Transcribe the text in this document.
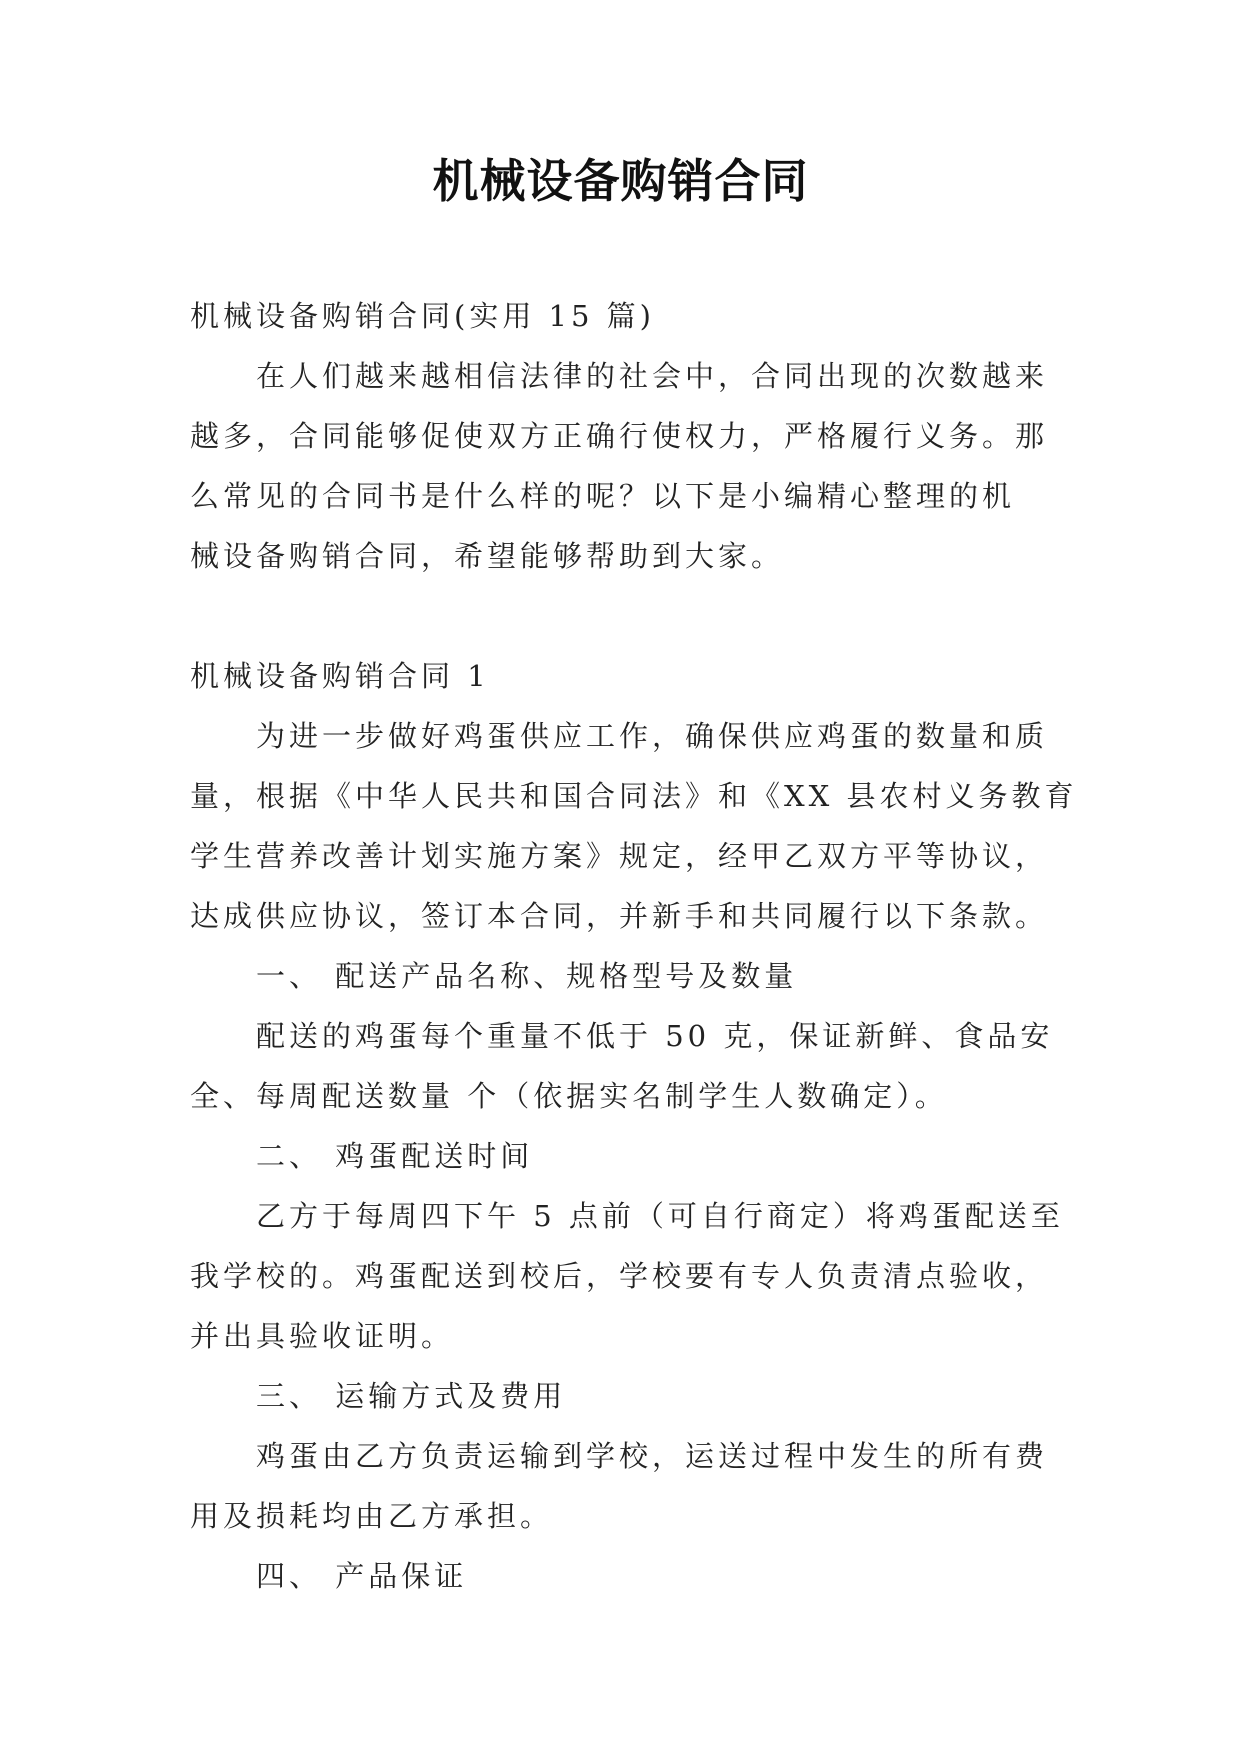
机械设备购销合同
机械设备购销合同(实用 15 篇)
在人们越来越相信法律的社会中，合同出现的次数越来
越多，合同能够促使双方正确行使权力，严格履行义务。那
么常见的合同书是什么样的呢？以下是小编精心整理的机
械设备购销合同，希望能够帮助到大家。
机械设备购销合同 1
为进一步做好鸡蛋供应工作，确保供应鸡蛋的数量和质
量，根据《中华人民共和国合同法》和《XX 县农村义务教育
学生营养改善计划实施方案》规定，经甲乙双方平等协议，
达成供应协议，签订本合同，并新手和共同履行以下条款。
一、 配送产品名称、规格型号及数量
配送的鸡蛋每个重量不低于 50 克，保证新鲜、食品安
全、每周配送数量 个（依据实名制学生人数确定）。
二、 鸡蛋配送时间
乙方于每周四下午 5 点前（可自行商定）将鸡蛋配送至
我学校的。鸡蛋配送到校后，学校要有专人负责清点验收，
并出具验收证明。
三、 运输方式及费用
鸡蛋由乙方负责运输到学校，运送过程中发生的所有费
用及损耗均由乙方承担。
四、 产品保证
